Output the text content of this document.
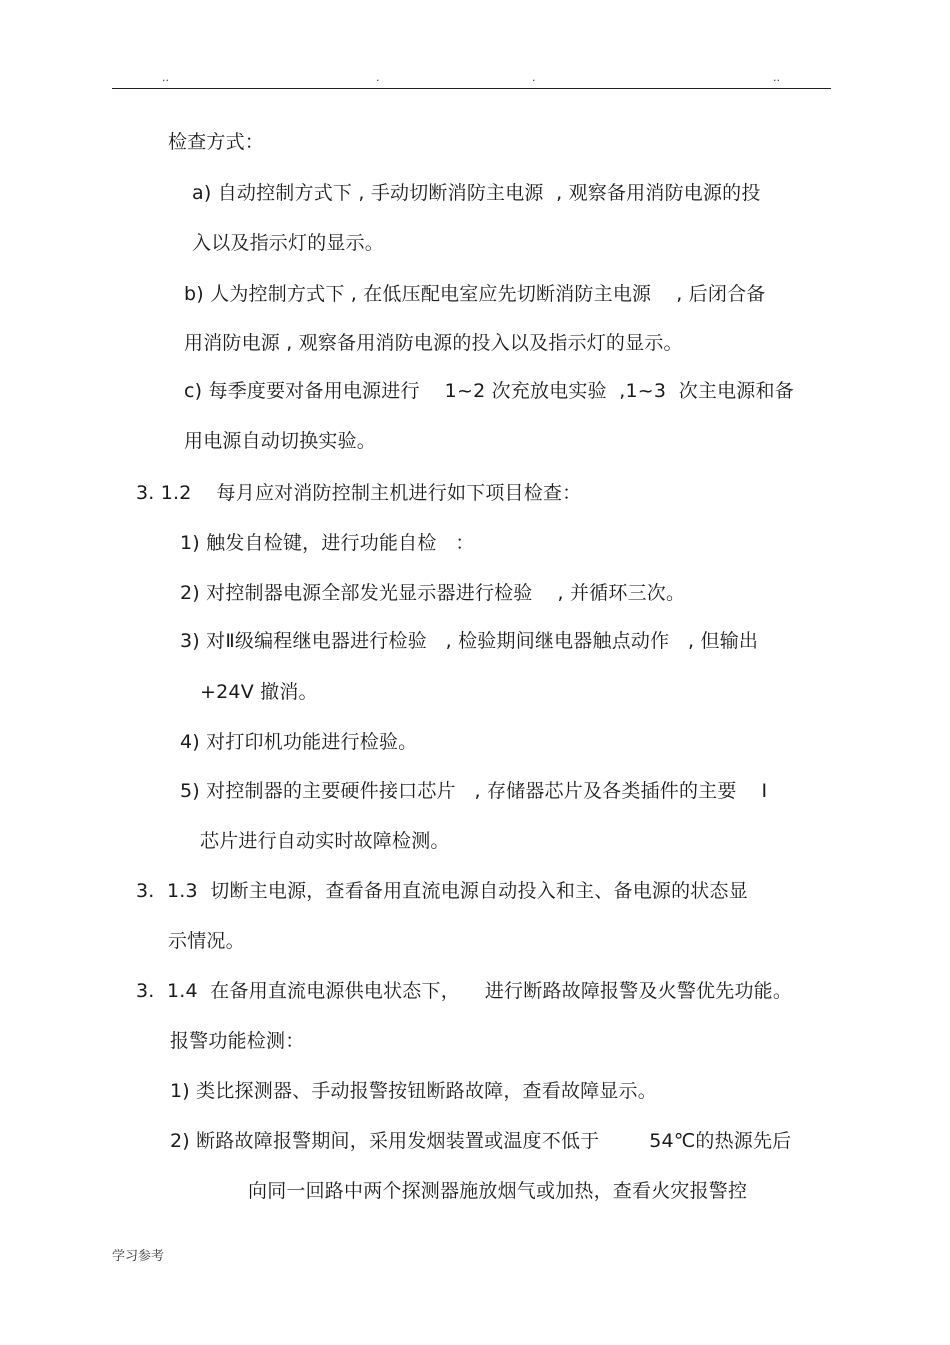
..	.	.	..
检查方式：
a) 自动控制方式下 , 手动切断消防主电源  , 观察备用消防电源的投
入以及指示灯的显示。
b) 人为控制方式下 , 在低压配电室应先切断消防主电源    , 后闭合备
用消防电源 , 观察备用消防电源的投入以及指示灯的显示。
c) 每季度要对备用电源进行    1~2 次充放电实验  ,1~3  次主电源和备
用电源自动切换实验。
3. 1.2    每月应对消防控制主机进行如下项目检查：
1) 触发自检键，进行功能自检   ：
2) 对控制器电源全部发光显示器进行检验    , 并循环三次。
3) 对Ⅱ级编程继电器进行检验   , 检验期间继电器触点动作   , 但输出
+24V 撤消。
4) 对打印机功能进行检验。
5) 对控制器的主要硬件接口芯片   , 存储器芯片及各类插件的主要    I
芯片进行自动实时故障检测。
3.  1.3  切断主电源，查看备用直流电源自动投入和主、备电源的状态显
示情况。
3.  1.4  在备用直流电源供电状态下，    进行断路故障报警及火警优先功能。
报警功能检测：
1) 类比探测器、手动报警按钮断路故障，查看故障显示。
2) 断路故障报警期间，采用发烟装置或温度不低于        54℃的热源先后
向同一回路中两个探测器施放烟气或加热，查看火灾报警控
学习参考
